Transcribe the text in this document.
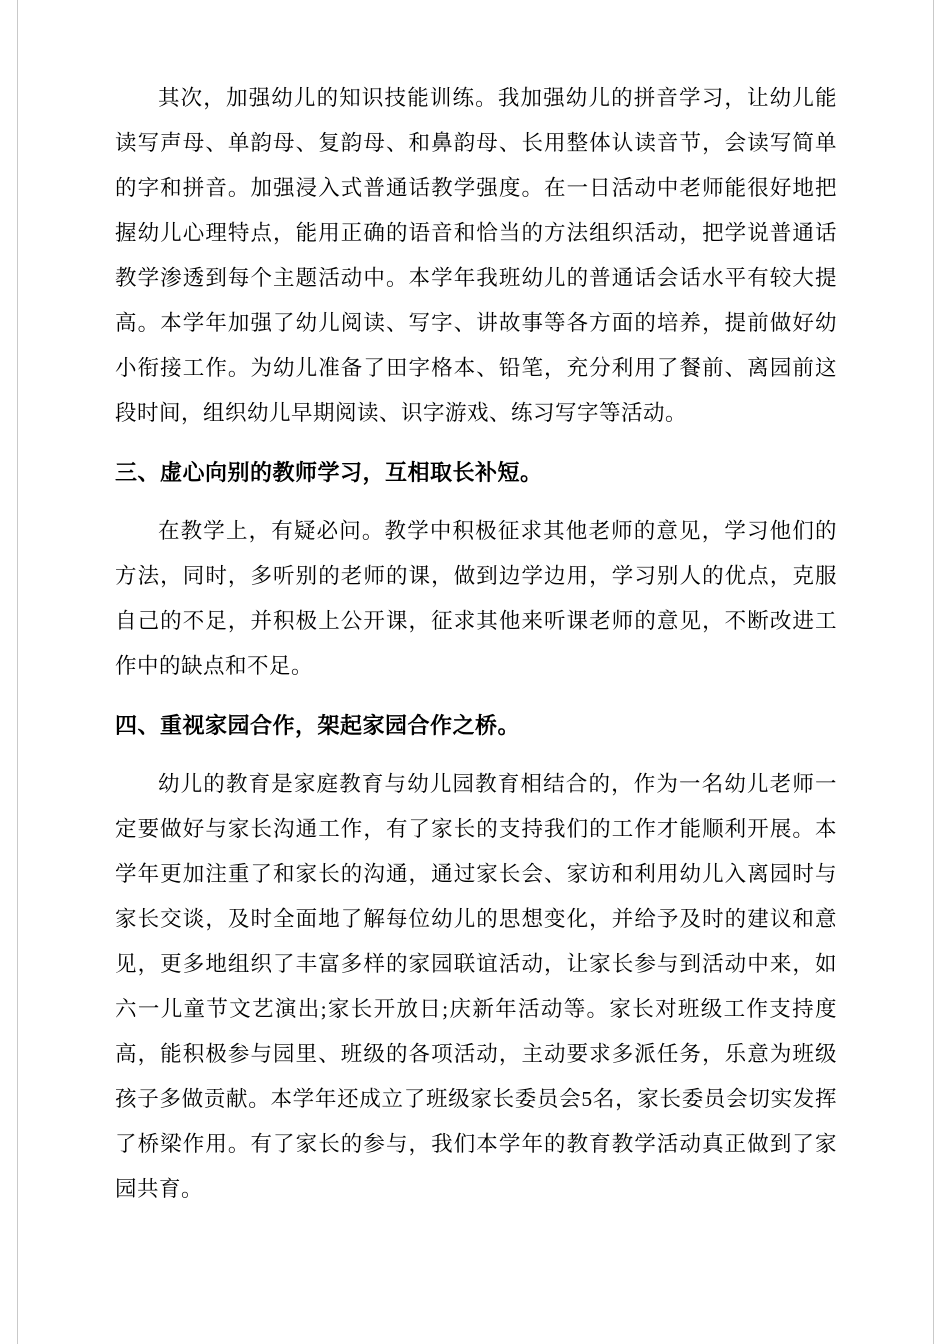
其次，加强幼儿的知识技能训练。我加强幼儿的拼音学习，让幼儿能读写声母、单韵母、复韵母、和鼻韵母、长用整体认读音节，会读写简单的字和拼音。加强浸入式普通话教学强度。在一日活动中老师能很好地把握幼儿心理特点，能用正确的语音和恰当的方法组织活动，把学说普通话教学渗透到每个主题活动中。本学年我班幼儿的普通话会话水平有较大提高。本学年加强了幼儿阅读、写字、讲故事等各方面的培养，提前做好幼小衔接工作。为幼儿准备了田字格本、铅笔，充分利用了餐前、离园前这段时间，组织幼儿早期阅读、识字游戏、练习写字等活动。

三、虚心向别的教师学习，互相取长补短。

在教学上，有疑必问。教学中积极征求其他老师的意见，学习他们的方法，同时，多听别的老师的课，做到边学边用，学习别人的优点，克服自己的不足，并积极上公开课，征求其他来听课老师的意见，不断改进工作中的缺点和不足。

四、重视家园合作，架起家园合作之桥。

幼儿的教育是家庭教育与幼儿园教育相结合的，作为一名幼儿老师一定要做好与家长沟通工作，有了家长的支持我们的工作才能顺利开展。本学年更加注重了和家长的沟通，通过家长会、家访和利用幼儿入离园时与家长交谈，及时全面地了解每位幼儿的思想变化，并给予及时的建议和意见，更多地组织了丰富多样的家园联谊活动，让家长参与到活动中来，如六一儿童节文艺演出;家长开放日;庆新年活动等。家长对班级工作支持度高，能积极参与园里、班级的各项活动，主动要求多派任务，乐意为班级孩子多做贡献。本学年还成立了班级家长委员会5名，家长委员会切实发挥了桥梁作用。有了家长的参与，我们本学年的教育教学活动真正做到了家园共育。
